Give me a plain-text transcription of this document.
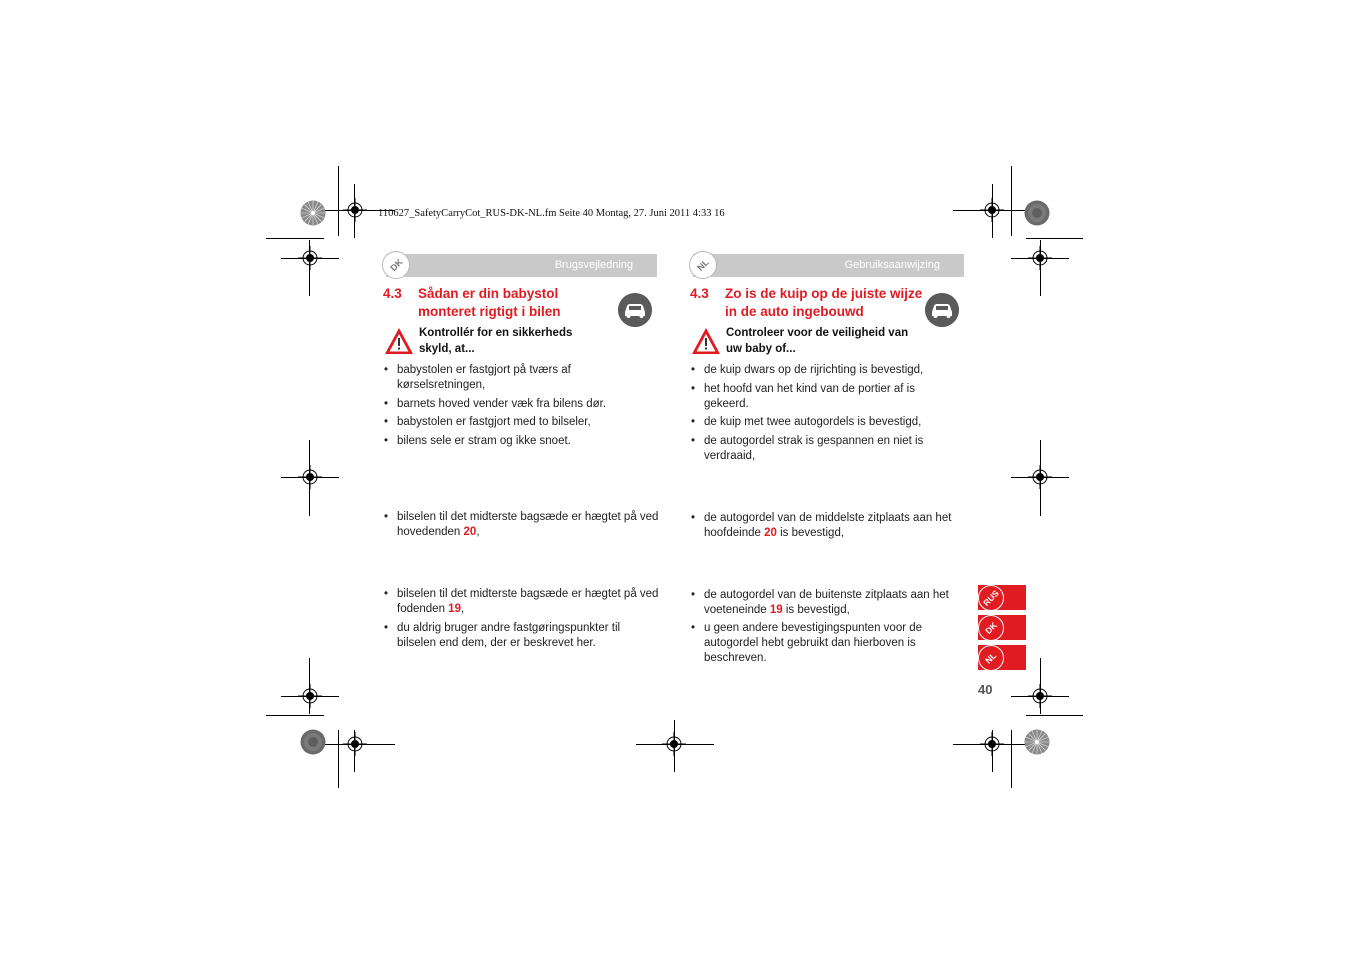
110627_SafetyCarryCot_RUS-DK-NL.fm Seite 40 Montag, 27. Juni 2011 4:33 16
DK	Brugsvejledning
4.3 Sådan er din babystol monteret rigtigt i bilen
Kontrollér for en sikkerheds skyld, at...
• babystolen er fastgjort på tværs af kørselsretningen,
• barnets hoved vender væk fra bilens dør.
• babystolen er fastgjort med to bilseler,
• bilens sele er stram og ikke snoet.
• bilselen til det midterste bagsæde er hægtet på ved hovedenden 20,
• bilselen til det midterste bagsæde er hægtet på ved fodenden 19,
• du aldrig bruger andre fastgøringspunkter til bilselen end dem, der er beskrevet her.
NL	Gebruiksaanwijzing
4.3 Zo is de kuip op de juiste wijze in de auto ingebouwd
Controleer voor de veiligheid van uw baby of...
• de kuip dwars op de rijrichting is bevestigd,
• het hoofd van het kind van de portier af is gekeerd.
• de kuip met twee autogordels is bevestigd,
• de autogordel strak is gespannen en niet is verdraaid,
• de autogordel van de middelste zitplaats aan het hoofdeinde 20 is bevestigd,
• de autogordel van de buitenste zitplaats aan het voeteneinde 19 is bevestigd,
• u geen andere bevestigingspunten voor de autogordel hebt gebruikt dan hierboven is beschreven.
RUS
DK
NL
40
